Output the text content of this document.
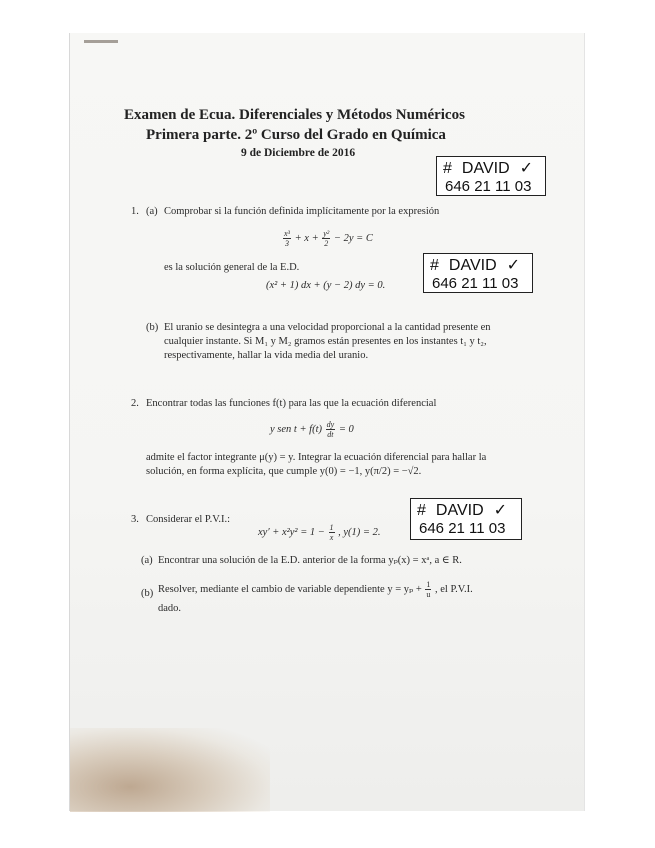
Examen de Ecua. Diferenciales y Métodos Numéricos
Primera parte. 2º Curso del Grado en Química
9 de Diciembre de 2016
# DAVID ✓
646 21 11 03
# DAVID ✓
646 21 11 03
# DAVID ✓
646 21 11 03
1. (a) Comprobar si la función definida implícitamente por la expresión
$\frac{\text{x³}}{3} + x + \frac{\text{y²}}{2} - 2y = C$
es la solución general de la E.D.
(x² + 1) dx + (y − 2) dy = 0.
(b) El uranio se desintegra a una velocidad proporcional a la cantidad presente en
cualquier instante. Si M₁ y M₂ gramos están presentes en los instantes t₁ y t₂,
respectivamente, hallar la vida media del uranio.
2. Encontrar todas las funciones f(t) para las que la ecuación diferencial
y sen $t + f(t) \frac{dy}{dt} = 0$
admite el factor integrante μ(y) = y. Integrar la ecuación diferencial para hallar la
solución, en forma explícita, que cumple y(0) = −1, y(π/2) = −√2.
3. Considerar el P.V.I.:
$xy' + x^2y^2 = 1 - \frac{1}{x}$ , y(1) = 2.
(a) Encontrar una solución de la E.D. anterior de la forma yₚ(x) = xᵃ, a ∈ R.
(b) Resolver, mediante el cambio de variable dependiente $y = y_p + \frac{1}{u}$ , el P.V.I.
dado.
